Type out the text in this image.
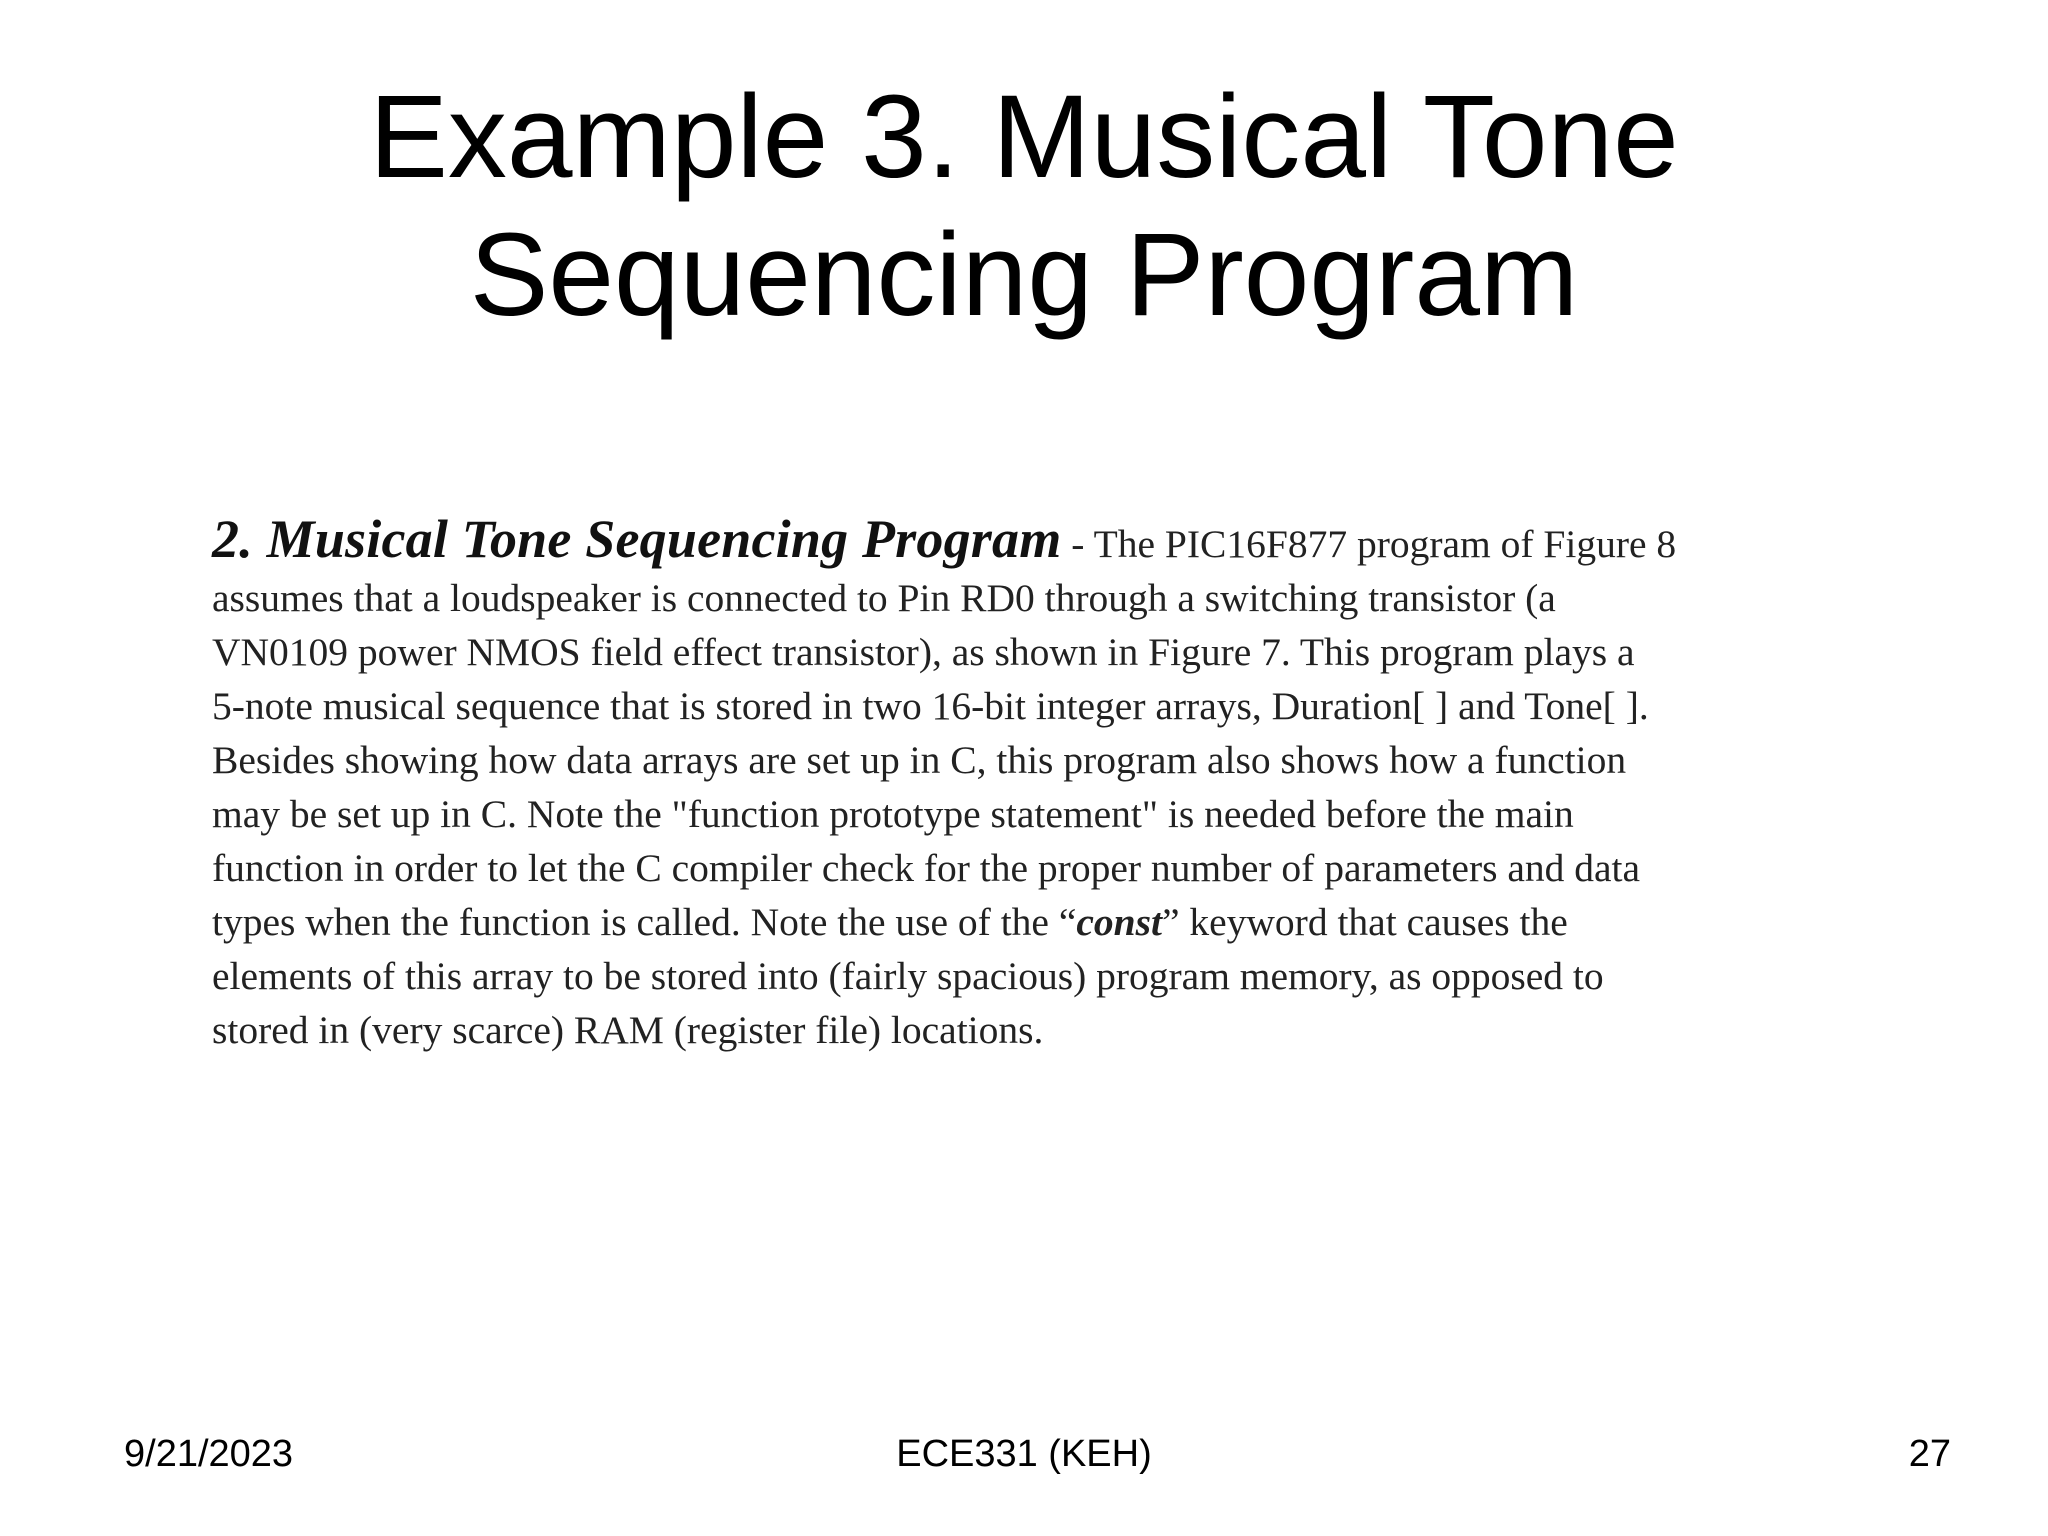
Example 3. Musical Tone
Sequencing Program
2. Musical Tone Sequencing Program - The PIC16F877 program of Figure 8
assumes that a loudspeaker is connected to Pin RD0 through a switching transistor (a
VN0109 power NMOS field effect transistor), as shown in Figure 7. This program plays a
5-note musical sequence that is stored in two 16-bit integer arrays, Duration[ ] and Tone[ ].
Besides showing how data arrays are set up in C, this program also shows how a function
may be set up in C. Note the "function prototype statement" is needed before the main
function in order to let the C compiler check for the proper number of parameters and data
types when the function is called. Note the use of the “const” keyword that causes the
elements of this array to be stored into (fairly spacious) program memory, as opposed to
stored in (very scarce) RAM (register file) locations.
9/21/2023	ECE331 (KEH)	27
